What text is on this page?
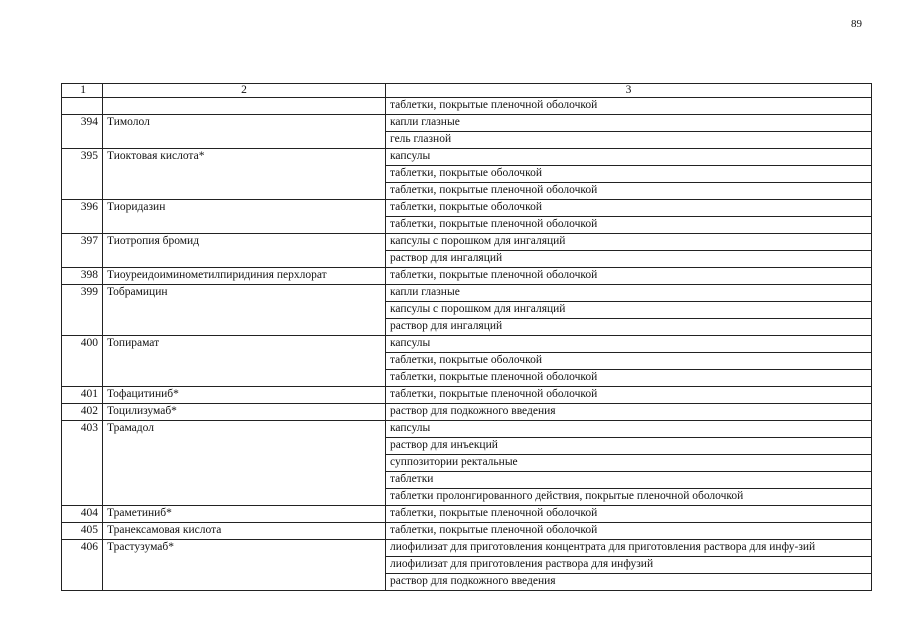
89
1	2	3
		таблетки, покрытые пленочной оболочкой
394	Тимолол	капли глазные
		гель глазной
395	Тиоктовая кислота*	капсулы
		таблетки, покрытые оболочкой
		таблетки, покрытые пленочной оболочкой
396	Тиоридазин	таблетки, покрытые оболочкой
		таблетки, покрытые пленочной оболочкой
397	Тиотропия бромид	капсулы с порошком для ингаляций
		раствор для ингаляций
398	Тиоуреидоиминометилпиридиния перхлорат	таблетки, покрытые пленочной оболочкой
399	Тобрамицин	капли глазные
		капсулы с порошком для ингаляций
		раствор для ингаляций
400	Топирамат	капсулы
		таблетки, покрытые оболочкой
		таблетки, покрытые пленочной оболочкой
401	Тофацитиниб*	таблетки, покрытые пленочной оболочкой
402	Тоцилизумаб*	раствор для подкожного введения
403	Трамадол	капсулы
		раствор для инъекций
		суппозитории ректальные
		таблетки
		таблетки пролонгированного действия, покрытые пленочной оболочкой
404	Траметиниб*	таблетки, покрытые пленочной оболочкой
405	Транексамовая кислота	таблетки, покрытые пленочной оболочкой
406	Трастузумаб*	лиофилизат для приготовления концентрата для приготовления раствора для инфу-зий
		лиофилизат для приготовления раствора для инфузий
		раствор для подкожного введения
